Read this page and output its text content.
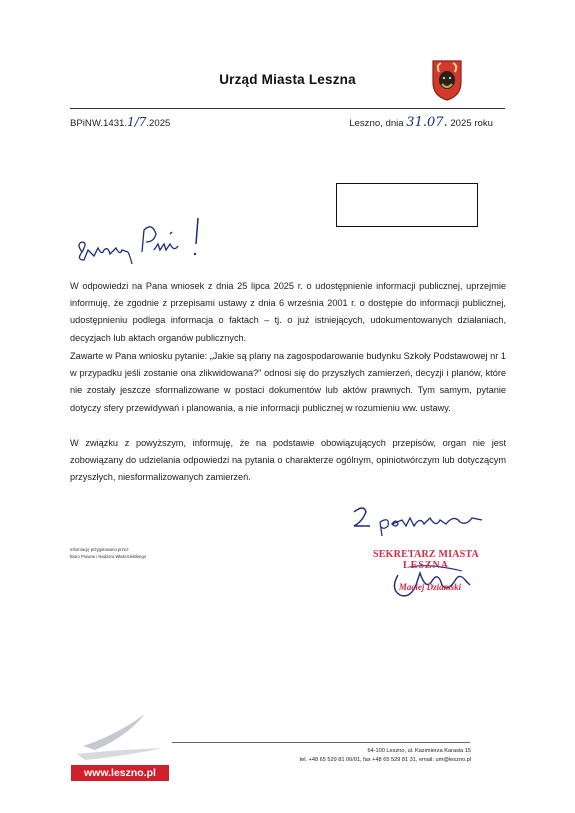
Urząd Miasta Leszna
BPiNW.1431.1/7.2025	Leszno, dnia 31.07. 2025 roku
W odpowiedzi na Pana wniosek z dnia 25 lipca 2025 r. o udostępnienie informacji publicznej, uprzejmie informuję, że zgodnie z przepisami ustawy z dnia 6 września 2001 r. o dostępie do informacji publicznej, udostępnieniu podlega informacja o faktach – tj. o już istniejących, udokumentowanych działaniach, decyzjach lub aktach organów publicznych.
Zawarte w Pana wniosku pytanie: „Jakie są plany na zagospodarowanie budynku Szkoły Podstawowej nr 1 w przypadku jeśli zostanie ona zlikwidowana?” odnosi się do przyszłych zamierzeń, decyzji i planów, które nie zostały jeszcze sformalizowane w postaci dokumentów lub aktów prawnych. Tym samym, pytanie dotyczy sfery przewidywań i planowania, a nie informacji publicznej w rozumieniu ww. ustawy.
W związku z powyższym, informuję, że na podstawie obowiązujących przepisów, organ nie jest zobowiązany do udzielania odpowiedzi na pytania o charakterze ogólnym, opiniotwórczym lub dotyczącym przyszłych, niesformalizowanych zamierzeń.
Informację przygotowano przez:
Biuro Prawne i Nadzoru Właścicielskiego	SEKRETARZ MIASTA
LESZNA
Maciej Dziamski
64-100 Leszno, ul. Kazimierza Karasia 15
tel. +48 65 529 81 00/01, fax +48 65 529 81 31, email: um@leszno.pl
www.leszno.pl
